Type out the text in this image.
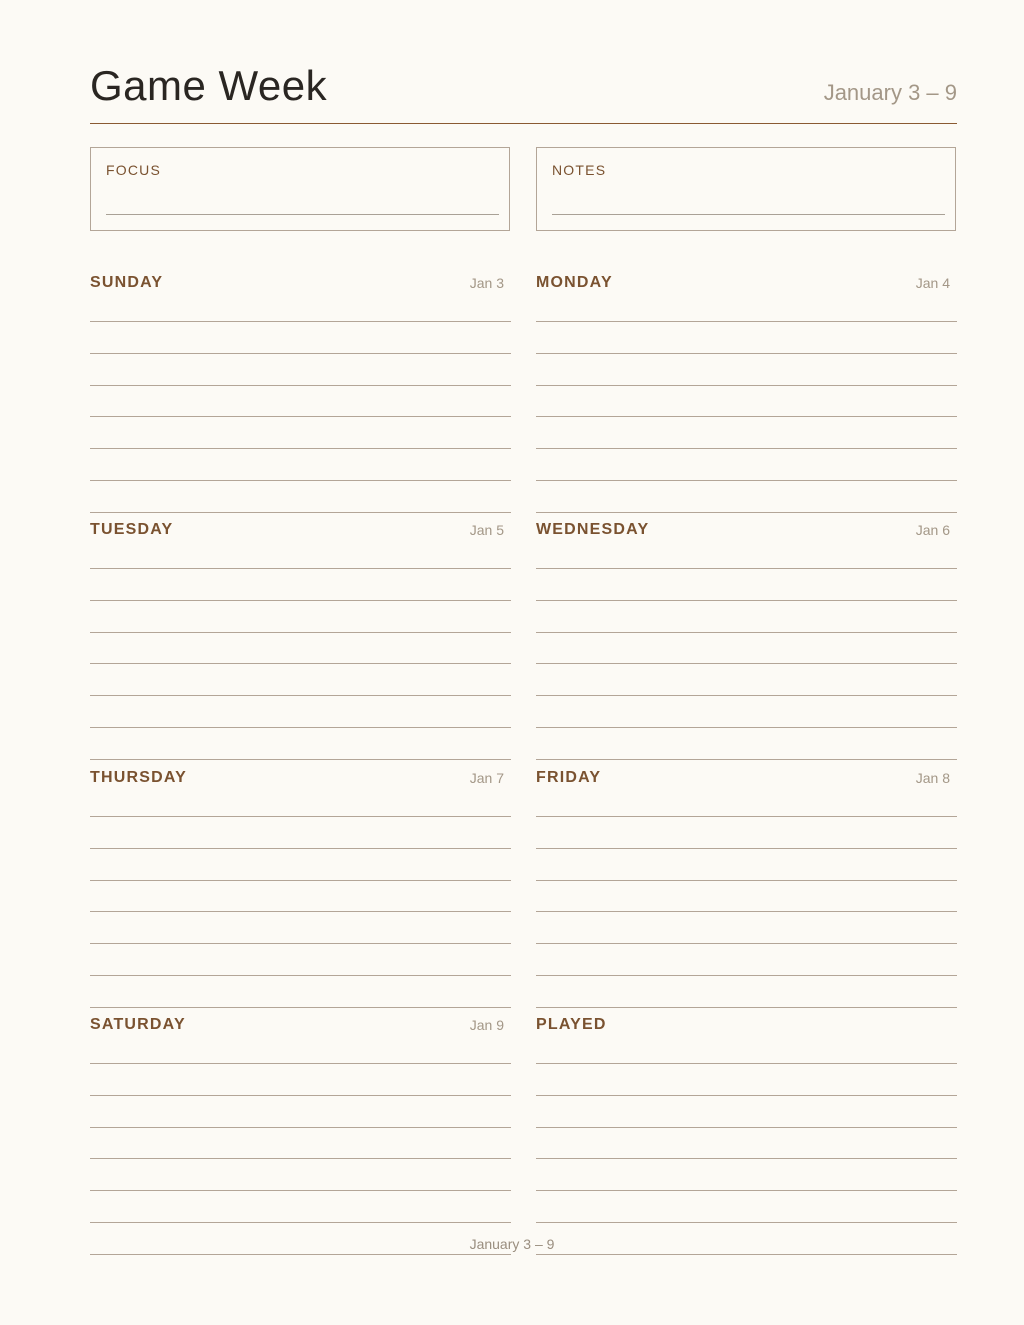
Game Week	January 3 – 9
FOCUS	NOTES
SUNDAY	Jan 3 MONDAY	Jan 4
TUESDAY	Jan 5 WEDNESDAY	Jan 6
THURSDAY	Jan 7 FRIDAY	Jan 8
SATURDAY	Jan 9 PLAYED
January 3 – 9
